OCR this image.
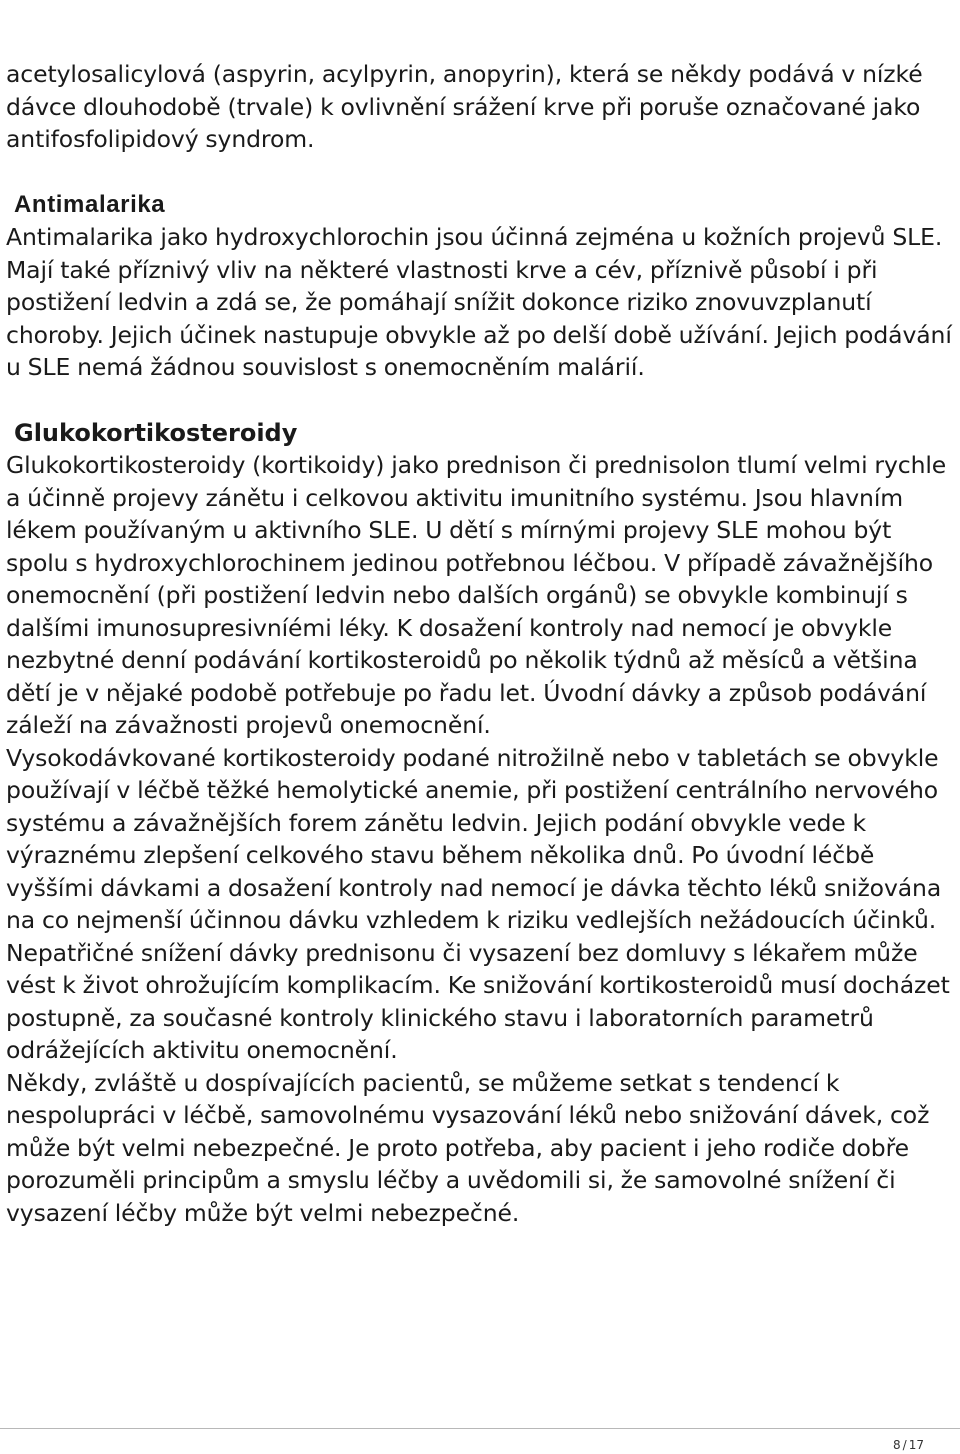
acetylosalicylová (aspyrin, acylpyrin, anopyrin), která se někdy podává v nízké dávce dlouhodobě (trvale) k ovlivnění srážení krve při poruše označované jako antifosfolipidový syndrom.

Antimalarika

Antimalarika jako hydroxychlorochin jsou účinná zejména u kožních projevů SLE. Mají také příznivý vliv na některé vlastnosti krve a cév, příznivě působí i při postižení ledvin a zdá se, že pomáhají snížit dokonce riziko znovuvzplanutí choroby. Jejich účinek nastupuje obvykle až po delší době užívání. Jejich podávání u SLE nemá žádnou souvislost s onemocněním malárií.

Glukokortikosteroidy

Glukokortikosteroidy (kortikoidy) jako prednison či prednisolon tlumí velmi rychle a účinně projevy zánětu i celkovou aktivitu imunitního systému. Jsou hlavním lékem používaným u aktivního SLE. U dětí s mírnými projevy SLE mohou být spolu s hydroxychlorochinem jedinou potřebnou léčbou. V případě závažnějšího onemocnění (při postižení ledvin nebo dalších orgánů) se obvykle kombinují s dalšími imunosupresivníémi léky. K dosažení kontroly nad nemocí je obvykle nezbytné denní podávání kortikosteroidů po několik týdnů až měsíců a většina dětí je v nějaké podobě potřebuje po řadu let. Úvodní dávky a způsob podávání záleží na závažnosti projevů onemocnění.

Vysokodávkované kortikosteroidy podané nitrožilně nebo v tabletách se obvykle používají v léčbě těžké hemolytické anemie, při postižení centrálního nervového systému a závažnějších forem zánětu ledvin. Jejich podání obvykle vede k výraznému zlepšení celkového stavu během několika dnů. Po úvodní léčbě vyššími dávkami a dosažení kontroly nad nemocí je dávka těchto léků snižována na co nejmenší účinnou dávku vzhledem k riziku vedlejších nežádoucích účinků.

Nepatřičné snížení dávky prednisonu či vysazení bez domluvy s lékařem může vést k život ohrožujícím komplikacím. Ke snižování kortikosteroidů musí docházet postupně, za současné kontroly klinického stavu i laboratorních parametrů odrážejících aktivitu onemocnění.

Někdy, zvláště u dospívajících pacientů, se můžeme setkat s tendencí k nespolupráci v léčbě, samovolnému vysazování léků nebo snižování dávek, což může být velmi nebezpečné. Je proto potřeba, aby pacient i jeho rodiče dobře porozuměli principům a smyslu léčby a uvědomili si, že samovolné snížení či vysazení léčby může být velmi nebezpečné.

8 / 17
